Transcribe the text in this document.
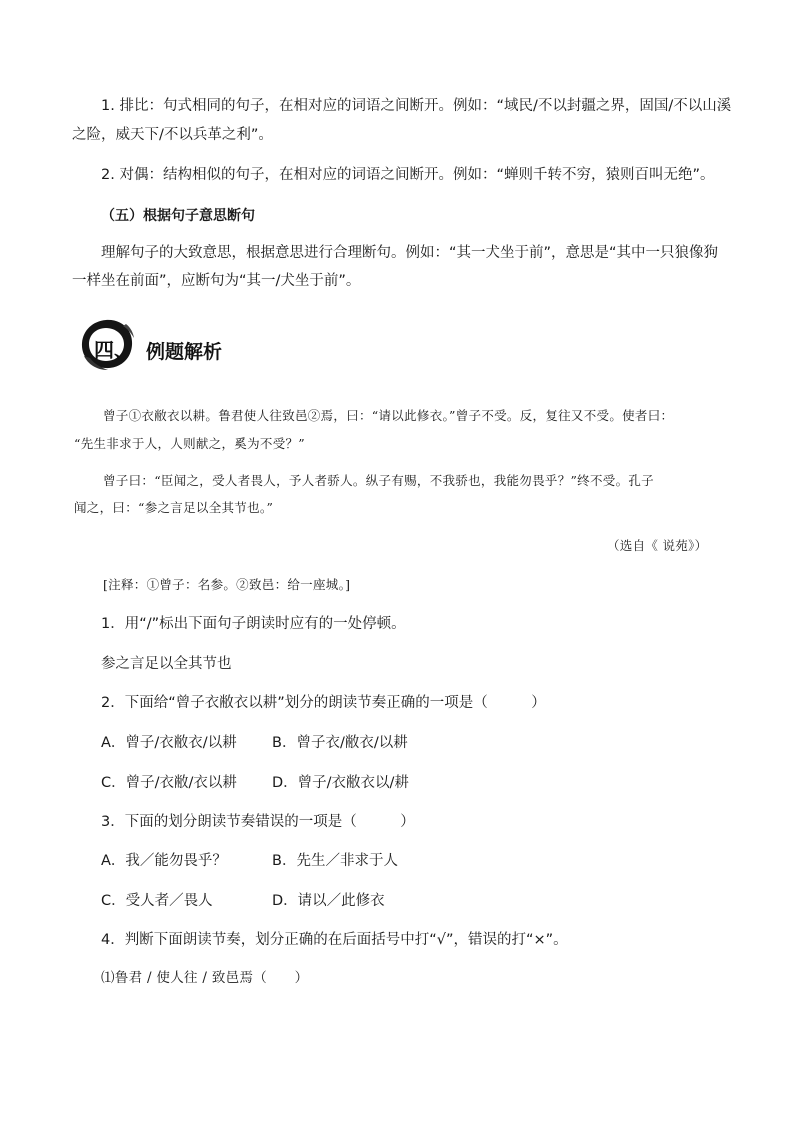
1. 排比：句式相同的句子，在相对应的词语之间断开。例如：“域民/不以封疆之界，固国/不以山溪
之险，威天下/不以兵革之利”。
2. 对偶：结构相似的句子，在相对应的词语之间断开。例如：“蝉则千转不穷，猿则百叫无绝”。
（五）根据句子意思断句
理解句子的大致意思，根据意思进行合理断句。例如：“其一犬坐于前”，意思是“其中一只狼像狗
一样坐在前面”，应断句为“其一/犬坐于前”。
四、 例题解析
曾子①衣敝衣以耕。鲁君使人往致邑②焉，曰：“请以此修衣。”曾子不受。反，复往又不受。使者曰：
“先生非求于人，人则献之，奚为不受？”
曾子曰：“臣闻之，受人者畏人，予人者骄人。纵子有赐，不我骄也，我能勿畏乎？”终不受。孔子
闻之，曰：“参之言足以全其节也。”
（选自《 说苑》）
[注释：①曾子：名参。②致邑：给一座城。]
1．用“/”标出下面句子朗读时应有的一处停顿。
参之言足以全其节也
2．下面给“曾子衣敝衣以耕”划分的朗读节奏正确的一项是（　　　）
A．曾子/衣敝衣/以耕 B．曾子衣/敝衣/以耕
C．曾子/衣敝/衣以耕 D．曾子/衣敝衣以/耕
3．下面的划分朗读节奏错误的一项是（　　　）
A．我／能勿畏乎？	B．先生／非求于人
C．受人者／畏人	D．请以／此修衣
4．判断下面朗读节奏，划分正确的在后面括号中打“√”，错误的打“×”。
⑴鲁君 / 使人往 / 致邑焉（　　）
